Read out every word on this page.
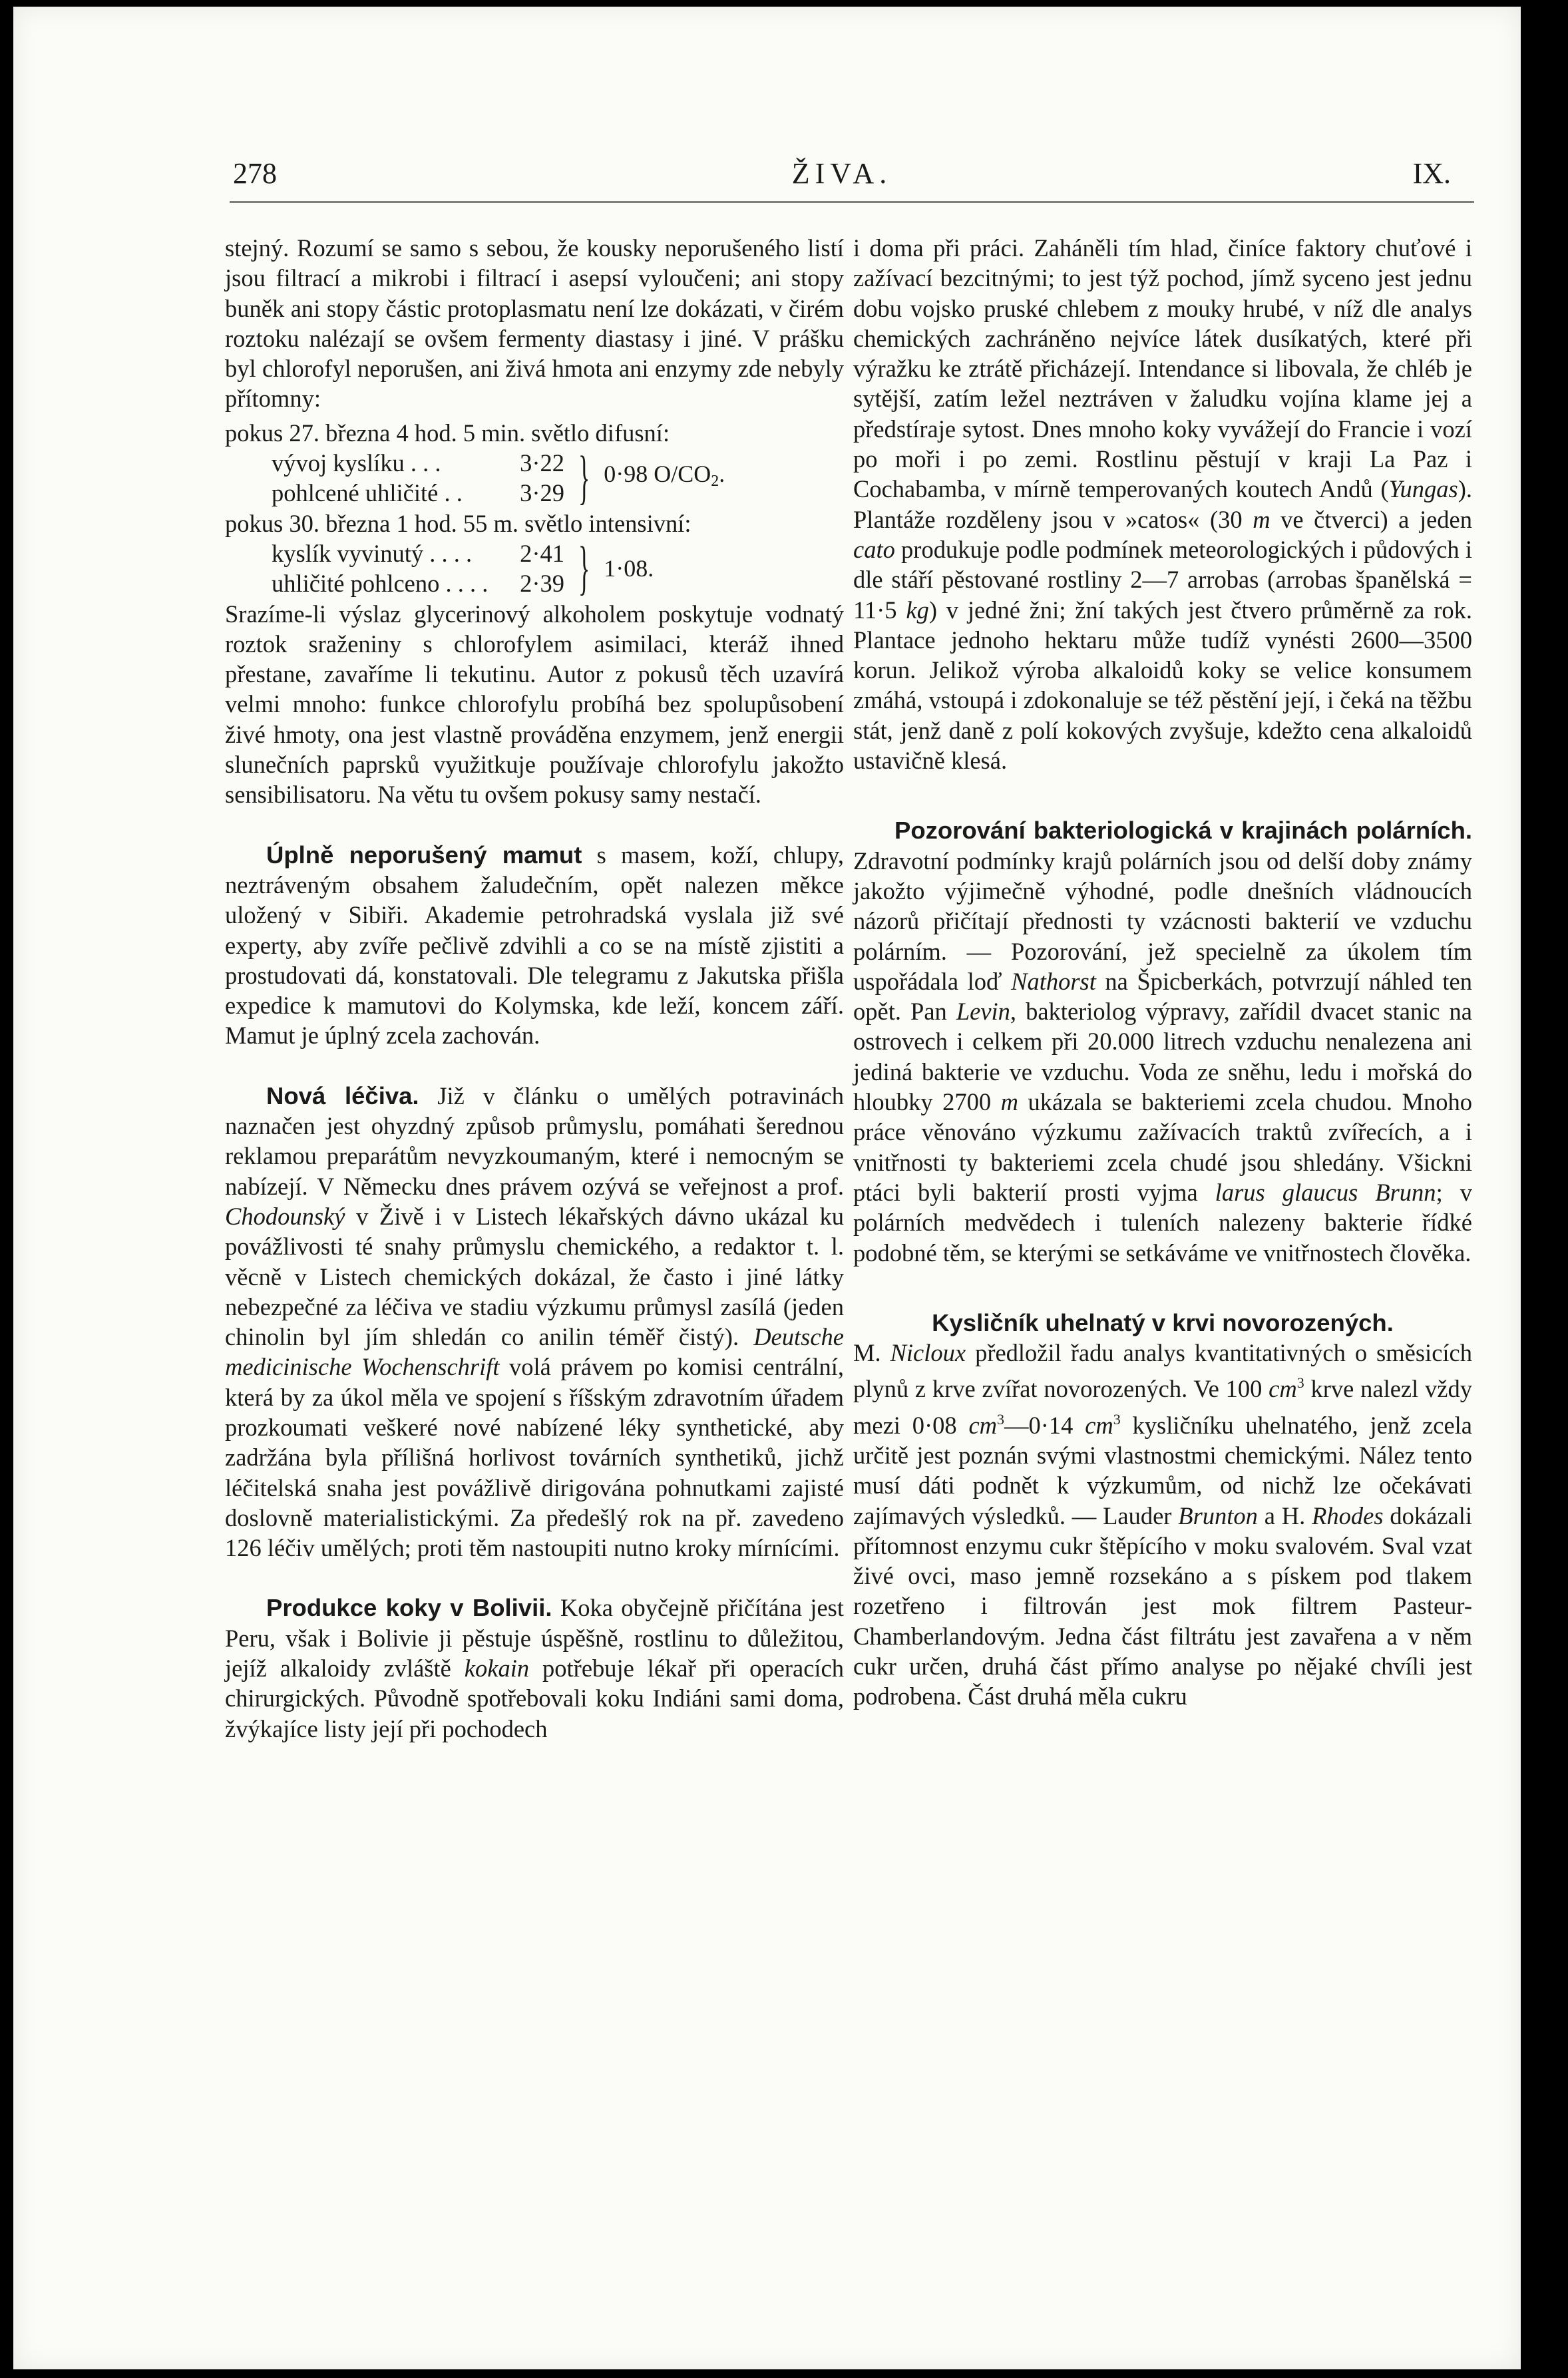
278	ŽIVA.	IX.

stejný. Rozumí se samo s sebou, že kousky neporušeného listí jsou filtrací a mikrobi i filtrací i asepsí vyloučeni; ani stopy buněk ani stopy částic protoplasmatu není lze dokázati, v čirém roztoku nalézají se ovšem fermenty diastasy i jiné. V prášku byl chlorofyl neporušen, ani živá hmota ani enzymy zde nebyly přítomny:

pokus 27. března 4 hod. 5 min. světlo difusní:

vývoj kyslíku . . .	3·22
pohlcené uhličité . . 3·29 } 0·98 $O/CO_2$.

pokus 30. března 1 hod. 55 m. světlo intensivní:

kyslík vyvinutý . . . . 2·41
uhličité pohlceno . . . . 2·39 } 1·08.

Srazíme-li výslaz glycerinový alkoholem poskytuje vodnatý roztok sraženiny s chlorofylem asimilaci, kteráž ihned přestane, zavaříme li tekutinu. Autor z pokusů těch uzavírá velmi mnoho: funkce chlorofylu probíhá bez spolupůsobení živé hmoty, ona jest vlastně prováděna enzymem, jenž energii slunečních paprsků využitkuje používaje chlorofylu jakožto sensibilisatoru. Na větu tu ovšem pokusy samy nestačí.

Úplně neporušený mamut s masem, koží, chlupy, neztráveným obsahem žaludečním, opět nalezen měkce uložený v Sibiři. Akademie petrohradská vyslala již své experty, aby zvíře pečlivě zdvihli a co se na místě zjistiti a prostudovati dá, konstatovali. Dle telegramu z Jakutska přišla expedice k mamutovi do Kolymska, kde leží, koncem září. Mamut je úplný zcela zachován.

Nová léčiva. Již v článku o umělých potravinách naznačen jest ohyzdný způsob průmyslu, pomáhati šerednou reklamou preparátům nevyzkoumaným, které i nemocným se nabízejí. V Německu dnes právem ozývá se veřejnost a prof. Chodounský v Živě i v Listech lékařských dávno ukázal ku povážlivosti té snahy průmyslu chemického, a redaktor t. l. věcně v Listech chemických dokázal, že často i jiné látky nebezpečné za léčiva ve stadiu výzkumu průmysl zasílá (jeden chinolin byl jím shledán co anilin téměř čistý). Deutsche medicinische Wochenschrift volá právem po komisi centrální, která by za úkol měla ve spojení s říšským zdravotním úřadem prozkoumati veškeré nové nabízené léky synthetické, aby zadržána byla přílišná horlivost továrních synthetiků, jichž léčitelská snaha jest povážlivě dirigována pohnutkami zajisté doslovně materialistickými. Za předešlý rok na př. zavedeno 126 léčiv umělých; proti těm nastoupiti nutno kroky mírnícími.

Produkce koky v Bolivii. Koka obyčejně přičítána jest Peru, však i Bolivie ji pěstuje úspěšně, rostlinu to důležitou, jejíž alkaloidy zvláště kokain potřebuje lékař při operacích chirurgických. Původně spotřebovali koku Indiáni sami doma, žvýkajíce listy její při pochodech

i doma při práci. Zaháněli tím hlad, činíce faktory chuťové i zažívací bezcitnými; to jest týž pochod, jímž syceno jest jednu dobu vojsko pruské chlebem z mouky hrubé, v níž dle analys chemických zachráněno nejvíce látek dusíkatých, které při výražku ke ztrátě přicházejí. Intendance si libovala, že chléb je sytější, zatím ležel neztráven v žaludku vojína klame jej a předstíraje sytost. Dnes mnoho koky vyvážejí do Francie i vozí po moři i po zemi. Rostlinu pěstují v kraji La Paz i Cochabamba, v mírně temperovaných koutech Andů (Yungas). Plantáže rozděleny jsou v »catos« (30 m ve čtverci) a jeden cato produkuje podle podmínek meteorologických i půdových i dle stáří pěstované rostliny 2—7 arrobas (arrobas španělská = 11·5 kg) v jedné žni; žní takých jest čtvero průměrně za rok. Plantace jednoho hektaru může tudíž vynésti 2600—3500 korun. Jelikož výroba alkaloidů koky se velice konsumem zmáhá, vstoupá i zdokonaluje se též pěstění její, i čeká na těžbu stát, jenž daně z polí kokových zvyšuje, kdežto cena alkaloidů ustavičně klesá.

Pozorování bakteriologická v krajinách polárních. Zdravotní podmínky krajů polárních jsou od delší doby známy jakožto výjimečně výhodné, podle dnešních vládnoucích názorů přičítají přednosti ty vzácnosti bakterií ve vzduchu polárním. — Pozorování, jež specielně za úkolem tím uspořádala loď Nathorst na Špicberkách, potvrzují náhled ten opět. Pan Levin, bakteriolog výpravy, zařídil dvacet stanic na ostrovech i celkem při 20.000 litrech vzduchu nenalezena ani jediná bakterie ve vzduchu. Voda ze sněhu, ledu i mořská do hloubky 2700 m ukázala se bakteriemi zcela chudou. Mnoho práce věnováno výzkumu zažívacích traktů zvířecích, a i vnitřnosti ty bakteriemi zcela chudé jsou shledány. Všickni ptáci byli bakterií prosti vyjma larus glaucus Brunn; v polárních medvědech i tuleních nalezeny bakterie řídké podobné těm, se kterými se setkáváme ve vnitřnostech člověka.

Kysličník uhelnatý v krvi novorozených.

M. Nicloux předložil řadu analys kvantitativných o směsicích plynů z krve zvířat novorozených. Ve 100 $cm^3$ krve nalezl vždy mezi 0·08 $cm^3—0\cdot 14$ $cm^3$ kysličníku uhelnatého, jenž zcela určitě jest poznán svými vlastnostmi chemickými. Nález tento musí dáti podnět k výzkumům, od nichž lze očekávati zajímavých výsledků. — Lauder Brunton a H. Rhodes dokázali přítomnost enzymu cukr štěpícího v moku svalovém. Sval vzat živé ovci, maso jemně rozsekáno a s pískem pod tlakem rozetřeno i filtrován jest mok filtrem Pasteur-Chamberlandovým. Jedna část filtrátu jest zavařena a v něm cukr určen, druhá část přímo analyse po nějaké chvíli jest podrobena. Část druhá měla cukru
